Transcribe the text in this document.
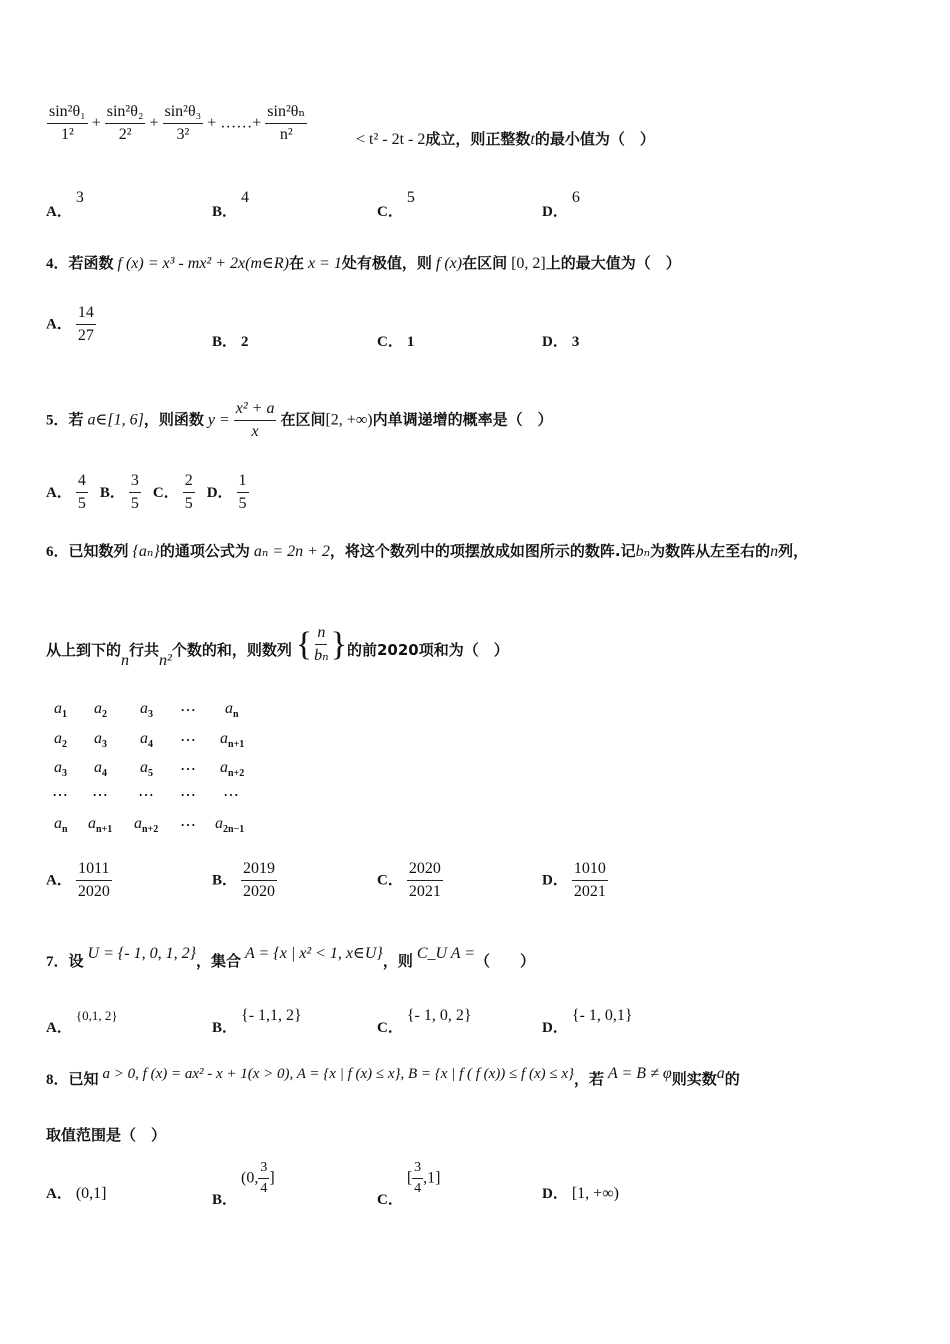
$\frac{\text{sin²θ₁}}{\text{1²}} + \frac{\text{sin²θ₂}}{\text{2²}} + \frac{\text{sin²θ₃}}{\text{3²}}$ + ……+ $\frac{\text{sin²θₙ}}{\text{n²}}$	< t² - 2t - 2成立，则正整数t的最小值为（　）
A． 3
B． 4
C． 5
D． 6
4．若函数 f (x) = x³ - mx² + 2x(m∈R)在 x = 1处有极值，则 f (x)在区间 [0, 2]上的最大值为（　）
A． $\frac{14}{27}$	B． 2	C． 1	D． 3
5．若 a∈[1, 6]，则函数 $y = \frac{\text{x² + a}}{x}$ 在区间[2, +∞)内单调递增的概率是（　）
A． $\frac{4}{5}$ B． $\frac{3}{5}$ C． $\frac{2}{5}$ D． $\frac{1}{5}$
6．已知数列 {aₙ}的通项公式为 aₙ = 2n + 2，将这个数列中的项摆放成如图所示的数阵.记bₙ为数阵从左至右的n列，
从上到下的n行共n²个数的和，则数列 { $\frac{n}{\text{bₙ}}$ } 的前2020项和为（　）
$a_1$ $a_2$ $a_3$ ⋯ $a_n$
$a_2$ $a_3$ $a_4$ ⋯ $a_{n+1}$
$a_3$ $a_4$ $a_5$ ⋯ $a_{n+2}$
⋯ ⋯ ⋯ ⋯ ⋯
$a_n$ $a_{n+1}$ $a_{n+2}$ ⋯ $a_{2n-1}$
A． $\frac{1011}{2020}$	B． $\frac{2019}{2020}$	C． $\frac{2020}{2021}$	D． $\frac{1010}{2021}$
7．设 U = {- 1, 0, 1, 2}，集合 A = {x | x² < 1, x∈U}，则 C_U A =（　　）
A． {0,1, 2}
B． {- 1,1, 2}
C． {- 1, 0, 2}
D． {- 1, 0,1}
8．已知 a > 0, f (x) = ax² - x + 1(x > 0), A = {x | f (x) ≤ x}, B = {x | f ( f (x)) ≤ f (x) ≤ x}，若 A = B ≠ φ则实数a的
取值范围是（　）
A． (0,1]	B． (0, $\frac{3}{4}$ ]
C． [ $\frac{3}{4} ,1$]
D． [1, +∞)
